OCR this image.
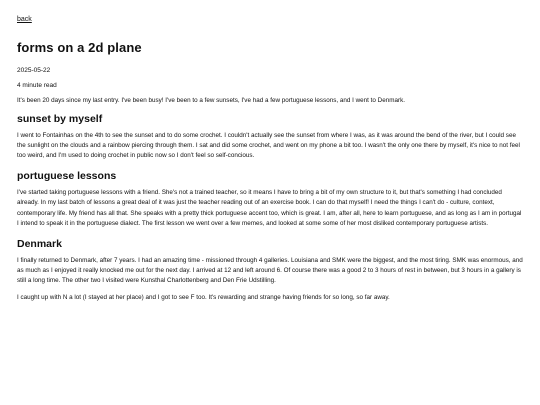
back
forms on a 2d plane
2025-05-22
4 minute read

It's been 20 days since my last entry. I've been busy! I've been to a few sunsets, I've had a few portuguese lessons, and I went to Denmark.

sunset by myself

I went to Fontainhas on the 4th to see the sunset and to do some crochet. I couldn't actually see the sunset from where I was, as it was around the bend of the river, but I could see the sunlight on the clouds and a rainbow piercing through them. I sat and did some crochet, and went on my phone a bit too. I wasn't the only one there by myself, it's nice to not feel too weird, and I'm used to doing crochet in public now so I don't feel so self-concious.

portuguese lessons

I've started taking portuguese lessons with a friend. She's not a trained teacher, so it means I have to bring a bit of my own structure to it, but that's something I had concluded already. In my last batch of lessons a great deal of it was just the teacher reading out of an exercise book. I can do that myself! I need the things I can't do - culture, context, contemporary life. My friend has all that. She speaks with a pretty thick portuguese accent too, which is great. I am, after all, here to learn portuguese, and as long as I am in portugal I intend to speak it in the portuguese dialect. The first lesson we went over a few memes, and looked at some some of her most disliked contemporary portuguese artists.

Denmark

I finally returned to Denmark, after 7 years. I had an amazing time - missioned through 4 galleries. Louisiana and SMK were the biggest, and the most tiring. SMK was enormous, and as much as I enjoyed it really knocked me out for the next day. I arrived at 12 and left around 6. Of course there was a good 2 to 3 hours of rest in between, but 3 hours in a gallery is still a long time. The other two I visited were Kunsthal Charlottenberg and Den Frie Udstilling.

I caught up with N a lot (I stayed at her place) and I got to see F too. It's rewarding and strange having friends for so long, so far away.
